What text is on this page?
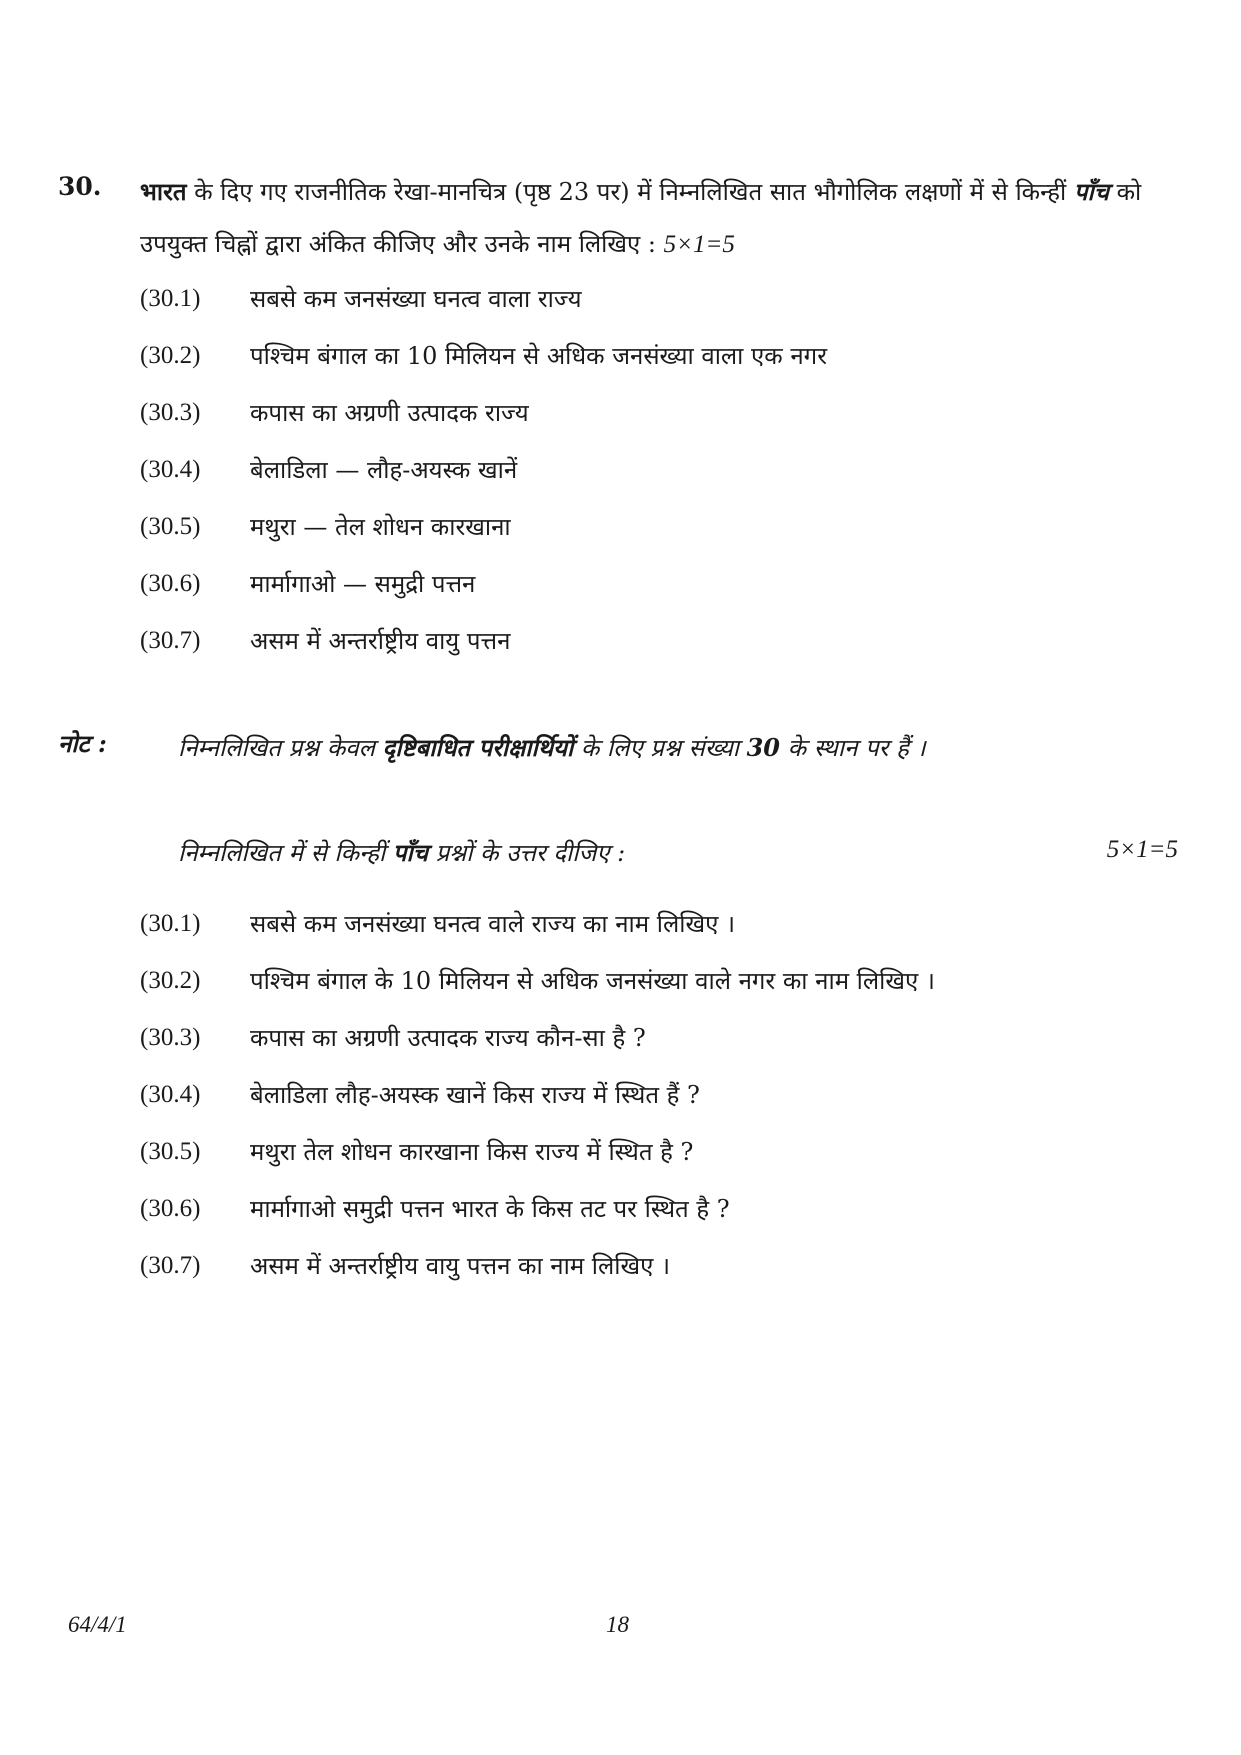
30. भारत के दिए गए राजनीतिक रेखा-मानचित्र (पृष्ठ 23 पर) में निम्नलिखित सात भौगोलिक लक्षणों में से किन्हीं पाँच को उपयुक्त चिह्नों द्वारा अंकित कीजिए और उनके नाम लिखिए : 5×1=5
(30.1)	सबसे कम जनसंख्या घनत्व वाला राज्य
(30.2)	पश्चिम बंगाल का 10 मिलियन से अधिक जनसंख्या वाला एक नगर
(30.3)	कपास का अग्रणी उत्पादक राज्य
(30.4)	बेलाडिला — लौह-अयस्क खानें
(30.5)	मथुरा — तेल शोधन कारखाना
(30.6)	मार्मागाओ — समुद्री पत्तन
(30.7)	असम में अन्तर्राष्ट्रीय वायु पत्तन
नोट :	निम्नलिखित प्रश्न केवल दृष्टिबाधित परीक्षार्थियों के लिए प्रश्न संख्या 30 के स्थान पर हैं ।
निम्नलिखित में से किन्हीं पाँच प्रश्नों के उत्तर दीजिए :	5×1=5
(30.1)	सबसे कम जनसंख्या घनत्व वाले राज्य का नाम लिखिए ।
(30.2)	पश्चिम बंगाल के 10 मिलियन से अधिक जनसंख्या वाले नगर का नाम लिखिए ।
(30.3)	कपास का अग्रणी उत्पादक राज्य कौन-सा है ?
(30.4)	बेलाडिला लौह-अयस्क खानें किस राज्य में स्थित हैं ?
(30.5)	मथुरा तेल शोधन कारखाना किस राज्य में स्थित है ?
(30.6)	मार्मागाओ समुद्री पत्तन भारत के किस तट पर स्थित है ?
(30.7)	असम में अन्तर्राष्ट्रीय वायु पत्तन का नाम लिखिए ।
64/4/1	18
